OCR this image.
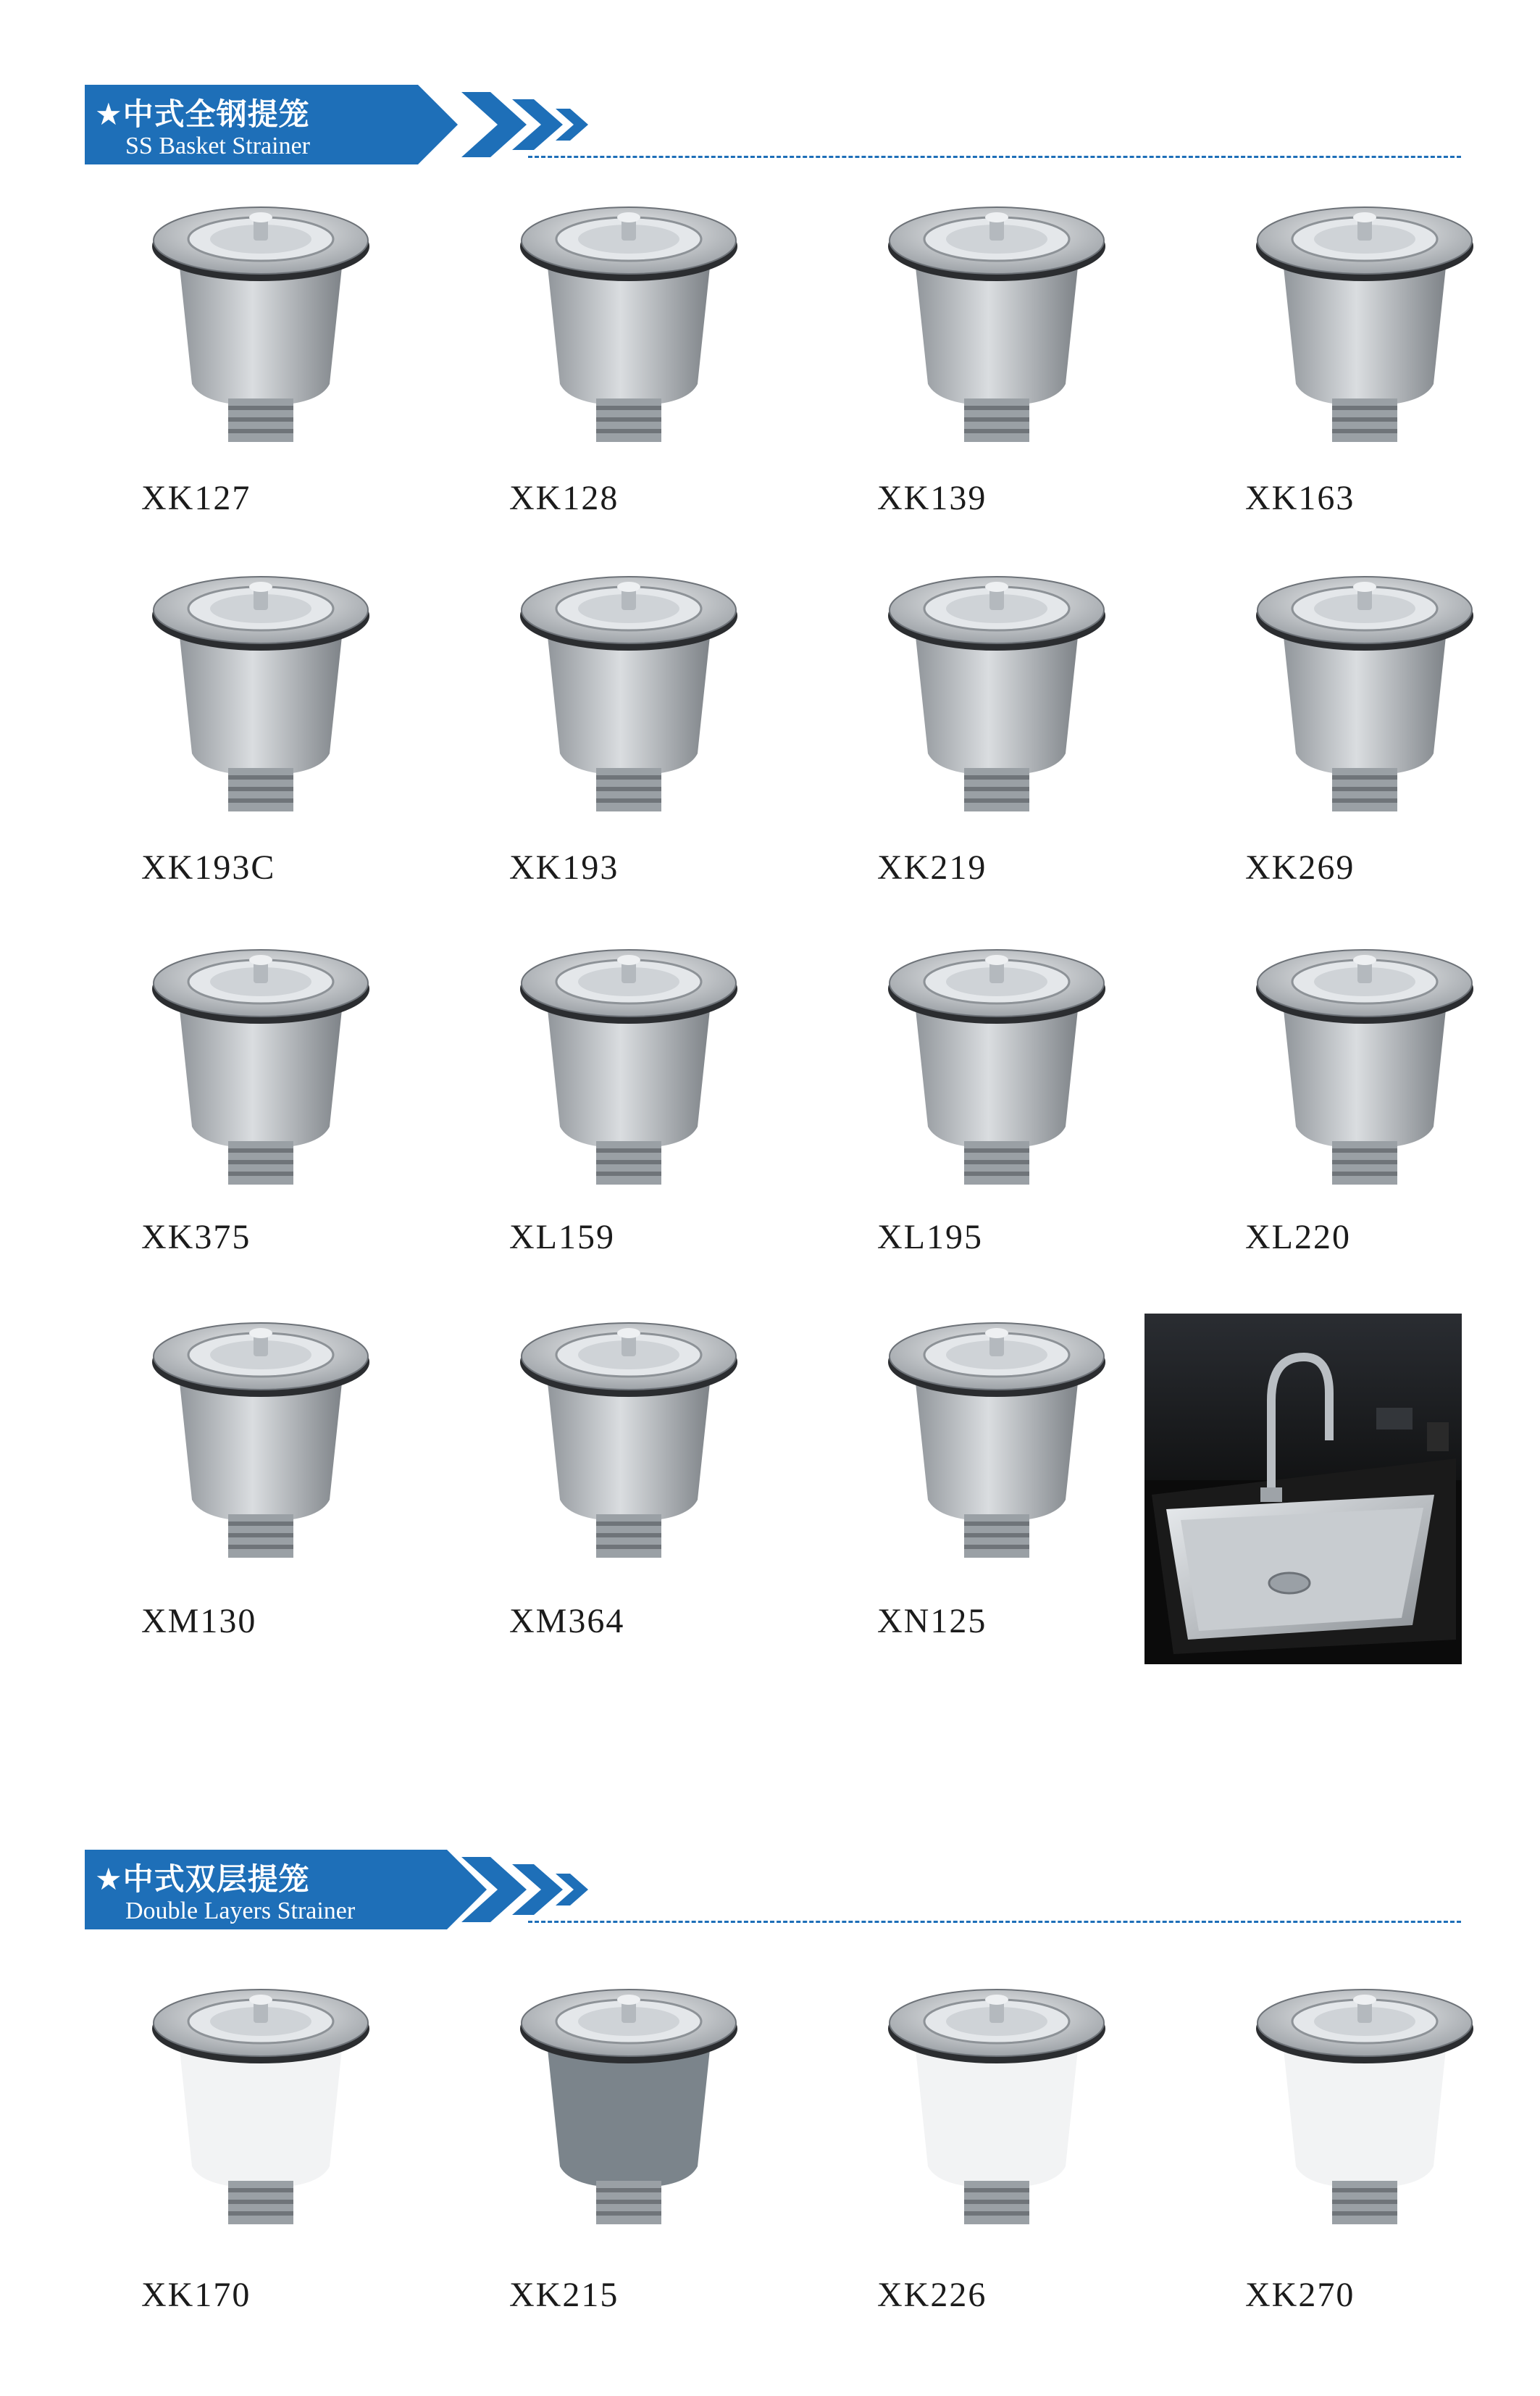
★中式全钢提笼
SS Basket Strainer
★中式双层提笼
Double Layers Strainer
XK127	XK128	XK139	XK163
XK193C	XK193	XK219	XK269
XK375	XL159	XL195	XL220
XM130	XM364	XN125
XK170	XK215	XK226	XK270
